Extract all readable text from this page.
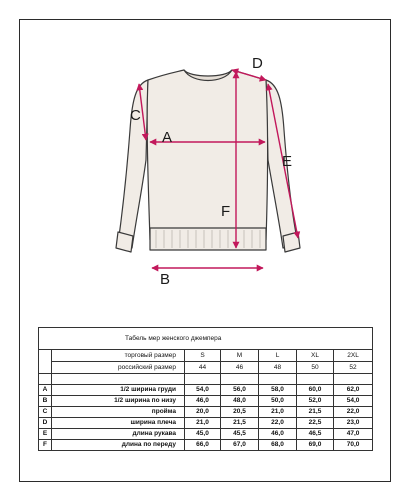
A
B
C
D
E
F
Табель мер женского джемпера						
	торговый размер	S	M	L	XL	2XL
	российский размер	44	46	48	50	52

A	1/2 ширина груди	54,0	56,0	58,0	60,0	62,0
B	1/2 ширина по низу	46,0	48,0	50,0	52,0	54,0
C	пройма	20,0	20,5	21,0	21,5	22,0
D	ширина плеча	21,0	21,5	22,0	22,5	23,0
E	длина рукава	45,0	45,5	46,0	46,5	47,0
F	длина по переду	66,0	67,0	68,0	69,0	70,0
